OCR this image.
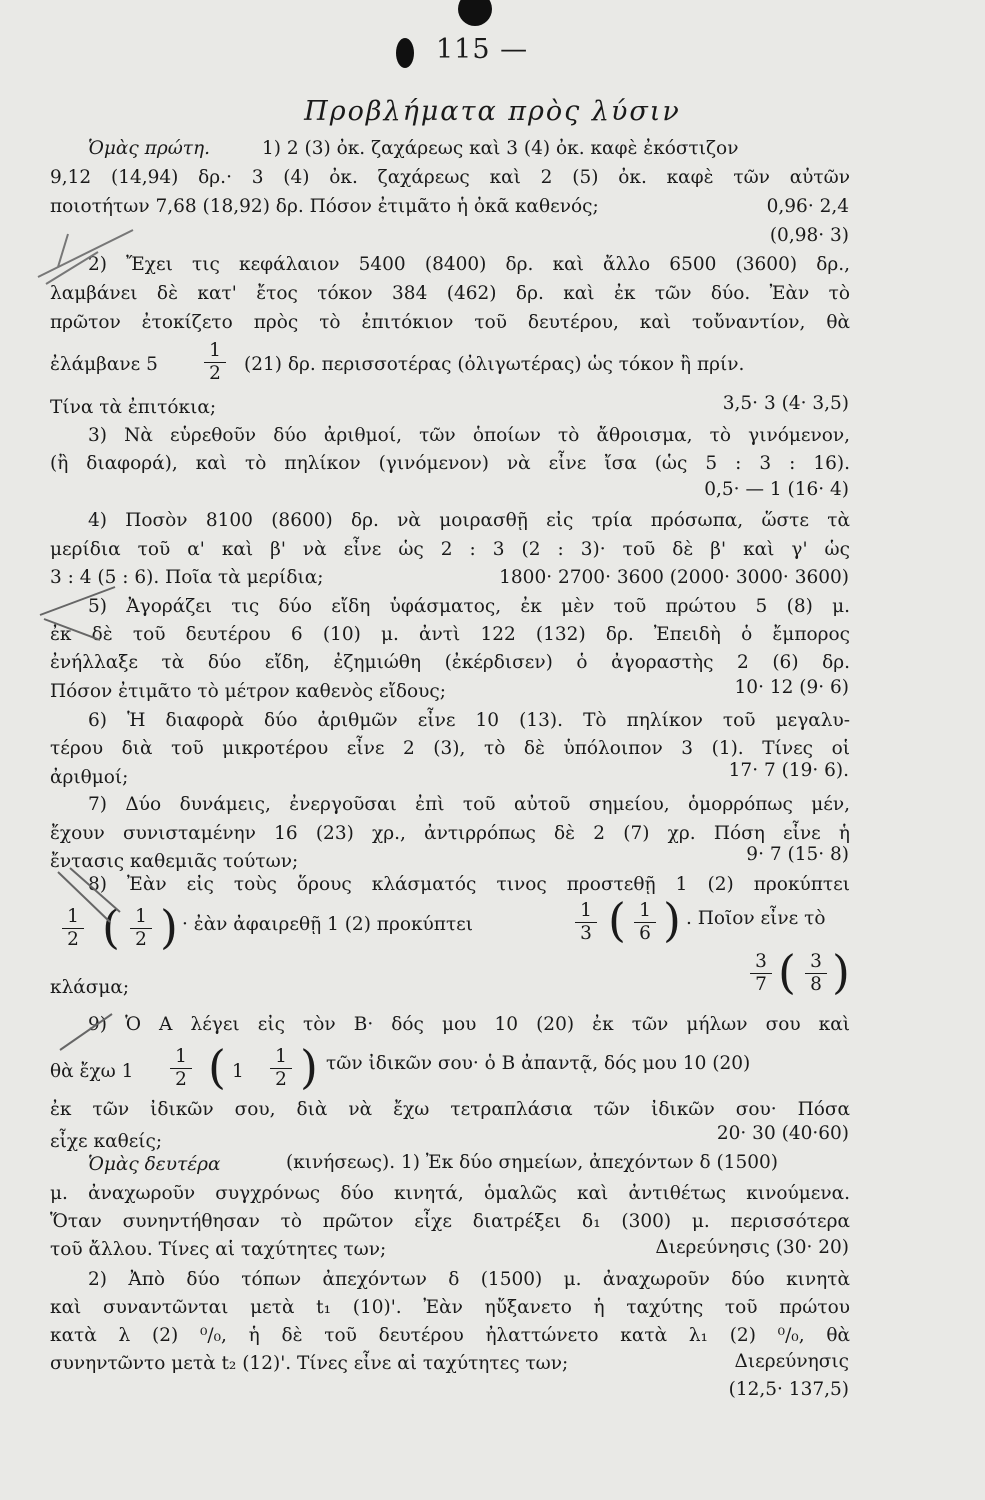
115 —
Προβλήματα πρὸς λύσιν
Ὁμὰς πρώτη.	1) 2 (3) ὀκ. ζαχάρεως καὶ 3 (4) ὀκ. καφὲ ἐκόστιζον
9,12 (14,94) δρ.· 3 (4) ὀκ. ζαχάρεως καὶ 2 (5) ὀκ. καφὲ τῶν αὐτῶν
ποιοτήτων 7,68 (18,92) δρ. Πόσον ἐτιμᾶτο ἡ ὀκᾶ καθενός;	0,96· 2,4
(0,98· 3)
2) Ἔχει τις κεφάλαιον 5400 (8400) δρ. καὶ ἄλλο 6500 (3600) δρ.,
λαμβάνει δὲ κατ' ἔτος τόκον 384 (462) δρ. καὶ ἐκ τῶν δύο. Ἐὰν τὸ
πρῶτον ἐτοκίζετο πρὸς τὸ ἐπιτόκιον τοῦ δευτέρου, καὶ τοὔναντίον, θὰ
ἐλάμβανε $5 \frac{1}{2} (21)$ δρ. περισσοτέρας (ὀλιγωτέρας) ὡς τόκον ἢ πρίν.
Τίνα τὰ ἐπιτόκια;	3,5· 3 (4· 3,5)
3) Νὰ εὑρεθοῦν δύο ἀριθμοί, τῶν ὁποίων τὸ ἄθροισμα, τὸ γινόμενον,
(ἢ διαφορά), καὶ τὸ πηλίκον (γινόμενον) νὰ εἶνε ἴσα (ὡς 5 : 3 : 16).
0,5· — 1 (16· 4)
4) Ποσὸν 8100 (8600) δρ. νὰ μοιρασθῇ εἰς τρία πρόσωπα, ὥστε τὰ
μερίδια τοῦ α' καὶ β' νὰ εἶνε ὡς 2 : 3 (2 : 3)· τοῦ δὲ β' καὶ γ' ὡς
3 : 4 (5 : 6). Ποῖα τὰ μερίδια;	1800· 2700· 3600 (2000· 3000· 3600)
5) Ἀγοράζει τις δύο εἴδη ὑφάσματος, ἐκ μὲν τοῦ πρώτου 5 (8) μ.
ἐκ δὲ τοῦ δευτέρου 6 (10) μ. ἀντὶ 122 (132) δρ. Ἐπειδὴ ὁ ἔμπορος
ἐνήλλαξε τὰ δύο εἴδη, ἐζημιώθη (ἐκέρδισεν) ὁ ἀγοραστὴς 2 (6) δρ.
Πόσον ἐτιμᾶτο τὸ μέτρον καθενὸς εἴδους;	10· 12 (9· 6)
6) Ἡ διαφορὰ δύο ἀριθμῶν εἶνε 10 (13). Τὸ πηλίκον τοῦ μεγαλυ-
τέρου διὰ τοῦ μικροτέρου εἶνε 2 (3), τὸ δὲ ὑπόλοιπον 3 (1). Τίνες οἱ
ἀριθμοί;	17· 7 (19· 6).
7) Δύο δυνάμεις, ἐνεργοῦσαι ἐπὶ τοῦ αὐτοῦ σημείου, ὁμορρόπως μέν,
ἔχουν συνισταμένην 16 (23) χρ., ἀντιρρόπως δὲ 2 (7) χρ. Πόση εἶνε ἡ
ἔντασις καθεμιᾶς τούτων;	9· 7 (15· 8)
8) Ἐὰν εἰς τοὺς ὅρους κλάσματός τινος προστεθῇ 1 (2) προκύπτει
$\frac{1}{2}$ ( $\frac{1}{2}$ ) · ἐὰν ἀφαιρεθῇ 1 (2) προκύπτει	$\frac{1}{3}$ ( $\frac{1}{6}$ ) . Ποῖον εἶνε τὸ
κλάσμα;	$\frac{3}{7}$ ( $\frac{3}{8}$ )
9) Ὁ Α λέγει εἰς τὸν Β· δός μου 10 (20) ἐκ τῶν μήλων σου καὶ
θὰ ἔχω $1 \frac{1}{2}$ ( $1 \frac{1}{2}$ ) τῶν ἰδικῶν σου· ὁ Β ἀπαντᾷ, δός μου 10 (20)
ἐκ τῶν ἰδικῶν σου, διὰ νὰ ἔχω τετραπλάσια τῶν ἰδικῶν σου· Πόσα
εἶχε καθείς;	20· 30 (40·60)
Ὁμὰς δευτέρα	(κινήσεως). 1) Ἐκ δύο σημείων, ἀπεχόντων δ (1500)
μ. ἀναχωροῦν συγχρόνως δύο κινητά, ὁμαλῶς καὶ ἀντιθέτως κινούμενα.
Ὅταν συνηντήθησαν τὸ πρῶτον εἶχε διατρέξει δ₁ (300) μ. περισσότερα
τοῦ ἄλλου. Τίνες αἱ ταχύτητες των;	Διερεύνησις (30· 20)
2) Ἀπὸ δύο τόπων ἀπεχόντων δ (1500) μ. ἀναχωροῦν δύο κινητὰ
καὶ συναντῶνται μετὰ t₁ (10)'. Ἐὰν ηὔξανετο ἡ ταχύτης τοῦ πρώτου
κατὰ λ (2) ⁰/₀, ἡ δὲ τοῦ δευτέρου ἠλαττώνετο κατὰ λ₁ (2) ⁰/₀, θὰ
συνηντῶντο μετὰ t₂ (12)'. Τίνες εἶνε αἱ ταχύτητες των;	Διερεύνησις
(12,5· 137,5)
